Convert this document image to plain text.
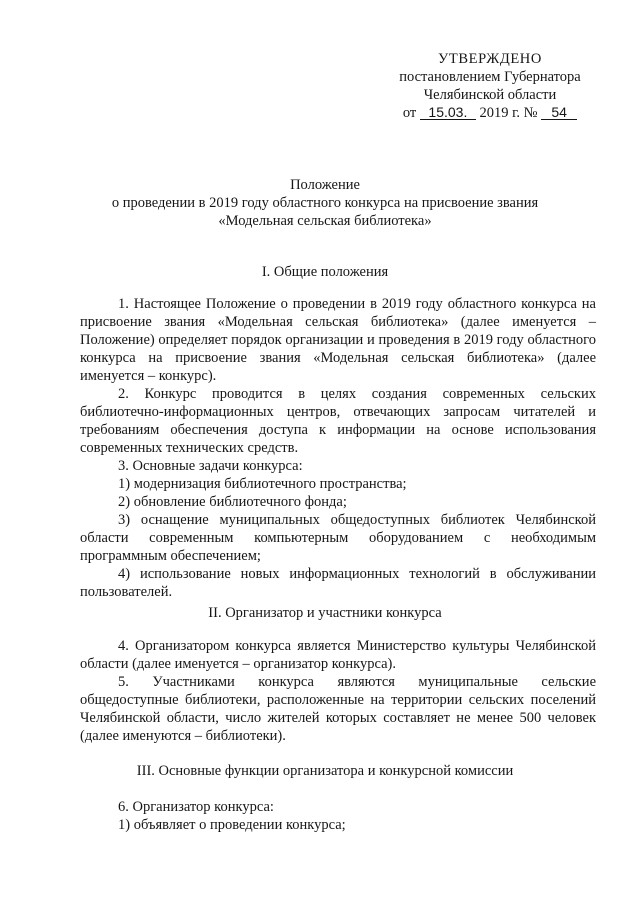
УТВЕРЖДЕНО
постановлением Губернатора
Челябинской области
от 15.03. 2019 г. № 54
Положение
о проведении в 2019 году областного конкурса на присвоение звания
«Модельная сельская библиотека»
I. Общие положения

1. Настоящее Положение о проведении в 2019 году областного конкурса на присвоение звания «Модельная сельская библиотека» (далее именуется – Положение) определяет порядок организации и проведения в 2019 году областного конкурса на присвоение звания «Модельная сельская библиотека» (далее именуется – конкурс).

2. Конкурс проводится в целях создания современных сельских библиотечно-информационных центров, отвечающих запросам читателей и требованиям обеспечения доступа к информации на основе использования современных технических средств.

3. Основные задачи конкурса:

1) модернизация библиотечного пространства;

2) обновление библиотечного фонда;

3) оснащение муниципальных общедоступных библиотек Челябинской области современным компьютерным оборудованием с необходимым программным обеспечением;

4) использование новых информационных технологий в обслуживании пользователей.

II. Организатор и участники конкурса

4. Организатором конкурса является Министерство культуры Челябинской области (далее именуется – организатор конкурса).

5. Участниками конкурса являются муниципальные сельские общедоступные библиотеки, расположенные на территории сельских поселений Челябинской области, число жителей которых составляет не менее 500 человек (далее именуются – библиотеки).

III. Основные функции организатора и конкурсной комиссии

6. Организатор конкурса:

1) объявляет о проведении конкурса;
